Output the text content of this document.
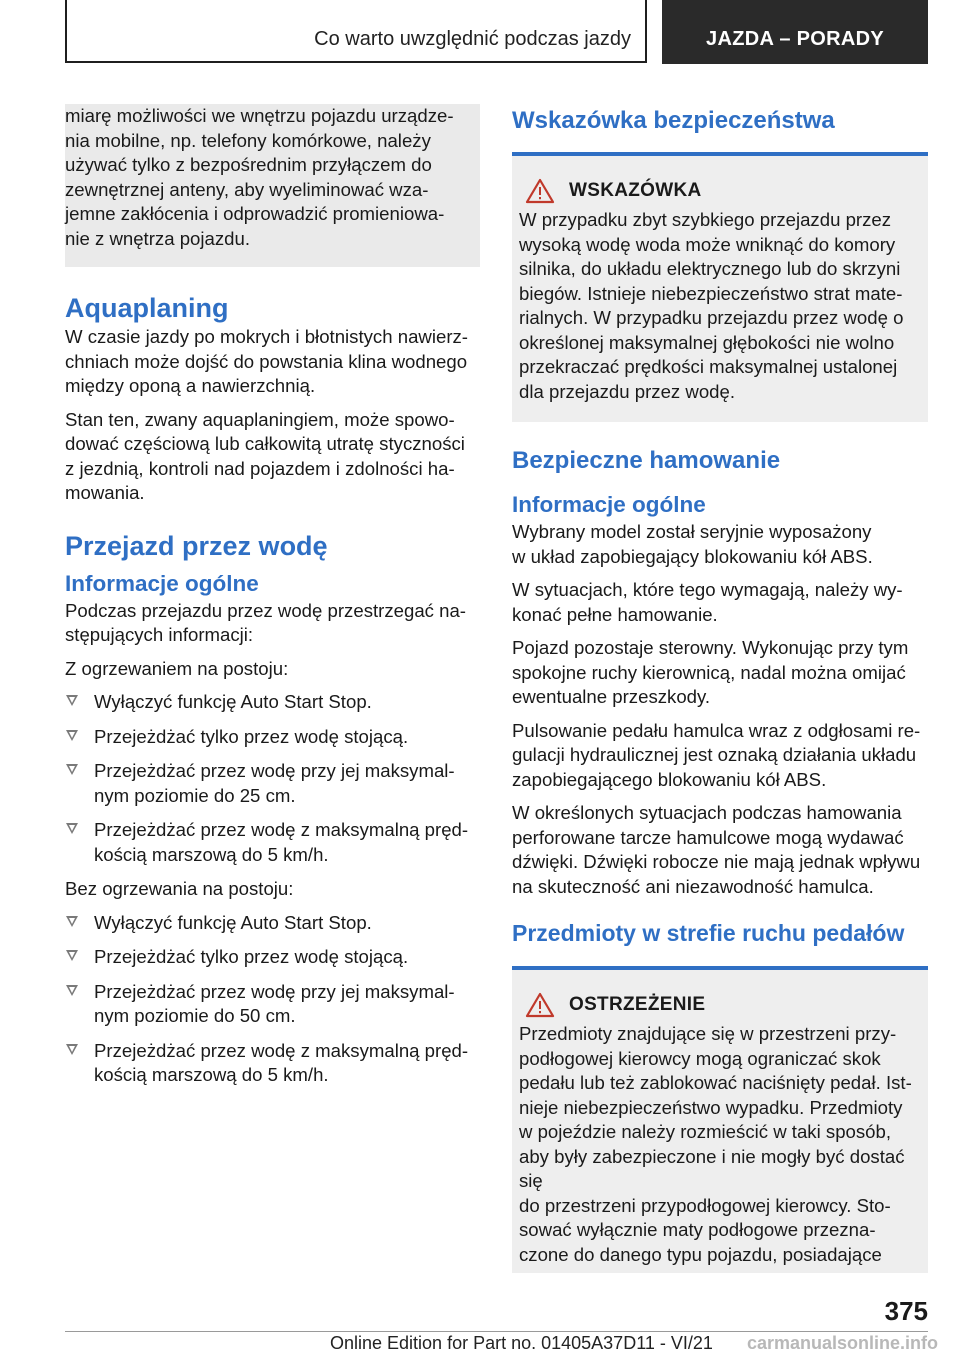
Co warto uwzględnić podczas jazdy	JAZDA – PORADY

miarę możliwości we wnętrzu pojazdu urządze-
nia mobilne, np. telefony komórkowe, należy
używać tylko z bezpośrednim przyłączem do
zewnętrznej anteny, aby wyeliminować wza-
jemne zakłócenia i odprowadzić promieniowa-
nie z wnętrza pojazdu.

Aquaplaning

W czasie jazdy po mokrych i błotnistych nawierz-
chniach może dojść do powstania klina wodnego
między oponą a nawierzchnią.

Stan ten, zwany aquaplaningiem, może spowo-
dować częściową lub całkowitą utratę styczności
z jezdnią, kontroli nad pojazdem i zdolności ha-
mowania.

Przejazd przez wodę
Informacje ogólne

Podczas przejazdu przez wodę przestrzegać na-
stępujących informacji:

Z ogrzewaniem na postoju:

Wyłączyć funkcję Auto Start Stop.
Przejeżdżać tylko przez wodę stojącą.
Przejeżdżać przez wodę przy jej maksymal-
nym poziomie do 25 cm.
Przejeżdżać przez wodę z maksymalną pręd-
kością marszową do 5 km/h.

Bez ogrzewania na postoju:

Wyłączyć funkcję Auto Start Stop.
Przejeżdżać tylko przez wodę stojącą.
Przejeżdżać przez wodę przy jej maksymal-
nym poziomie do 50 cm.
Przejeżdżać przez wodę z maksymalną pręd-
kością marszową do 5 km/h.
Wskazówka bezpieczeństwa
WSKAZÓWKA

W przypadku zbyt szybkiego przejazdu przez
wysoką wodę woda może wniknąć do komory
silnika, do układu elektrycznego lub do skrzyni
biegów. Istnieje niebezpieczeństwo strat mate-
rialnych. W przypadku przejazdu przez wodę o
określonej maksymalnej głębokości nie wolno
przekraczać prędkości maksymalnej ustalonej
dla przejazdu przez wodę.

Bezpieczne hamowanie
Informacje ogólne

Wybrany model został seryjnie wyposażony
w układ zapobiegający blokowaniu kół ABS.

W sytuacjach, które tego wymagają, należy wy-
konać pełne hamowanie.

Pojazd pozostaje sterowny. Wykonując przy tym
spokojne ruchy kierownicą, nadal można omijać
ewentualne przeszkody.

Pulsowanie pedału hamulca wraz z odgłosami re-
gulacji hydraulicznej jest oznaką działania układu
zapobiegającego blokowaniu kół ABS.

W określonych sytuacjach podczas hamowania
perforowane tarcze hamulcowe mogą wydawać
dźwięki. Dźwięki robocze nie mają jednak wpływu
na skuteczność ani niezawodność hamulca.

Przedmioty w strefie ruchu pedałów
OSTRZEŻENIE

Przedmioty znajdujące się w przestrzeni przy-
podłogowej kierowcy mogą ograniczać skok
pedału lub też zablokować naciśnięty pedał. Ist-
nieje niebezpieczeństwo wypadku. Przedmioty
w pojeździe należy rozmieścić w taki sposób,
aby były zabezpieczone i nie mogły być dostać się
do przestrzeni przypodłogowej kierowcy. Sto-
sować wyłącznie maty podłogowe przezna-
czone do danego typu pojazdu, posiadające

375
Online Edition for Part no. 01405A37D11 - VI/21 carmanualsonline.info
